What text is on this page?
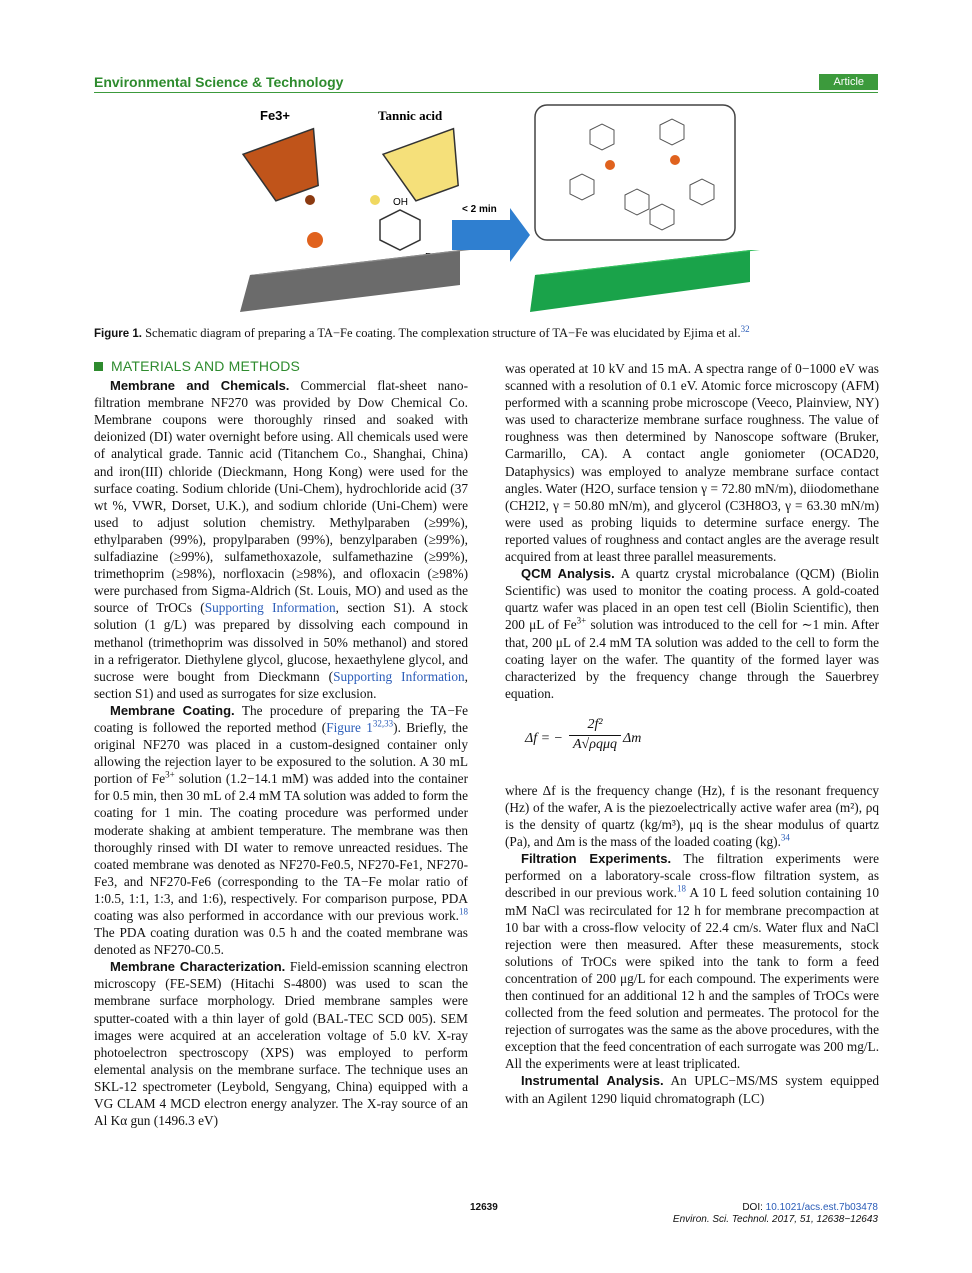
Environmental Science & Technology	Article
Fe3+	Tannic acid
OH
< 2 min
Figure 1. Schematic diagram of preparing a TA−Fe coating. The complexation structure of TA−Fe was elucidated by Ejima et al.$^{32}$
MATERIALS AND METHODS

Membrane and Chemicals. Commercial flat-sheet nanofiltration membrane NF270 was provided by Dow Chemical Co. Membrane coupons were thoroughly rinsed and soaked with deionized (DI) water overnight before using. All chemicals used were of analytical grade. Tannic acid (Titanchem Co., Shanghai, China) and iron(III) chloride (Dieckmann, Hong Kong) were used for the surface coating. Sodium chloride (Uni-Chem), hydrochloride acid (37 wt %, VWR, Dorset, U.K.), and sodium chloride (Uni-Chem) were used to adjust solution chemistry. Methylparaben (≥99%), ethylparaben (99%), propylparaben (99%), benzylparaben (≥99%), sulfadiazine (≥99%), sulfamethoxazole, sulfamethazine (≥99%), trimethoprim (≥98%), norfloxacin (≥98%), and ofloxacin (≥98%) were purchased from Sigma-Aldrich (St. Louis, MO) and used as the source of TrOCs (Supporting Information, section S1). A stock solution (1 g/L) was prepared by dissolving each compound in methanol (trimethoprim was dissolved in 50% methanol) and stored in a refrigerator. Diethylene glycol, glucose, hexaethylene glycol, and sucrose were bought from Dieckmann (Supporting Information, section S1) and used as surrogates for size exclusion.

Membrane Coating. The procedure of preparing the TA−Fe coating is followed the reported method (Figure 1$^{32,33}$). Briefly, the original NF270 was placed in a custom-designed container only allowing the rejection layer to be exposured to the solution. A 30 mL portion of $Fe^{3+}$ solution (1.2−14.1 mM) was added into the container for 0.5 min, then 30 mL of 2.4 mM TA solution was added to form the coating for 1 min. The coating procedure was performed under moderate shaking at ambient temperature. The membrane was then thoroughly rinsed with DI water to remove unreacted residues. The coated membrane was denoted as NF270-Fe0.5, NF270-Fe1, NF270-Fe3, and NF270-Fe6 (corresponding to the TA−Fe molar ratio of 1:0.5, 1:1, 1:3, and 1:6), respectively. For comparison purpose, PDA coating was also performed in accordance with our previous work.$^{18}$ The PDA coating duration was 0.5 h and the coated membrane was denoted as NF270-C0.5.

Membrane Characterization. Field-emission scanning electron microscopy (FE-SEM) (Hitachi S-4800) was used to scan the membrane surface morphology. Dried membrane samples were sputter-coated with a thin layer of gold (BAL-TEC SCD 005). SEM images were acquired at an acceleration voltage of 5.0 kV. X-ray photoelectron spectroscopy (XPS) was employed to perform elemental analysis on the membrane surface. The technique uses an SKL-12 spectrometer (Leybold, Sengyang, China) equipped with a VG CLAM 4 MCD electron energy analyzer. The X-ray source of an Al Kα gun (1496.3 eV)

was operated at 10 kV and 15 mA. A spectra range of 0−1000 eV was scanned with a resolution of 0.1 eV. Atomic force microscopy (AFM) performed with a scanning probe microscope (Veeco, Plainview, NY) was used to characterize membrane surface roughness. The value of roughness was then determined by Nanoscope software (Bruker, Carmarillo, CA). A contact angle goniometer (OCAD20, Dataphysics) was employed to analyze membrane surface contact angles. Water (H2O, surface tension γ = 72.80 mN/m), diiodomethane (CH2I2, γ = 50.80 mN/m), and glycerol (C3H8O3, γ = 63.30 mN/m) were used as probing liquids to determine surface energy. The reported values of roughness and contact angles are the average result acquired from at least three parallel measurements.

QCM Analysis. A quartz crystal microbalance (QCM) (Biolin Scientific) was used to monitor the coating process. A gold-coated quartz wafer was placed in an open test cell (Biolin Scientific), then 200 μL of $Fe^{3+}$ solution was introduced to the cell for ∼1 min. After that, 200 μL of 2.4 mM TA solution was added to the cell to form the coating layer on the wafer. The quantity of the formed layer was characterized by the frequency change through the Sauerbrey equation.

Δf = −
2f²
A√ρqμq Δm

where Δf is the frequency change (Hz), f is the resonant frequency (Hz) of the wafer, A is the piezoelectrically active wafer area (m²), ρq is the density of quartz (kg/m³), μq is the shear modulus of quartz (Pa), and Δm is the mass of the loaded coating (kg).$^{34}$

Filtration Experiments. The filtration experiments were performed on a laboratory-scale cross-flow filtration system, as described in our previous work.$^{18}$ A 10 L feed solution containing 10 mM NaCl was recirculated for 12 h for membrane precompaction at 10 bar with a cross-flow velocity of 22.4 cm/s. Water flux and NaCl rejection were then measured. After these measurements, stock solutions of TrOCs were spiked into the tank to form a feed concentration of 200 μg/L for each compound. The experiments were then continued for an additional 12 h and the samples of TrOCs were collected from the feed solution and permeates. The protocol for the rejection of surrogates was the same as the above procedures, with the exception that the feed concentration of each surrogate was 200 mg/L. All the experiments were at least triplicated.

Instrumental Analysis. An UPLC−MS/MS system equipped with an Agilent 1290 liquid chromatograph (LC)

12639	DOI: 10.1021/acs.est.7b03478
Environ. Sci. Technol. 2017, 51, 12638−12643
